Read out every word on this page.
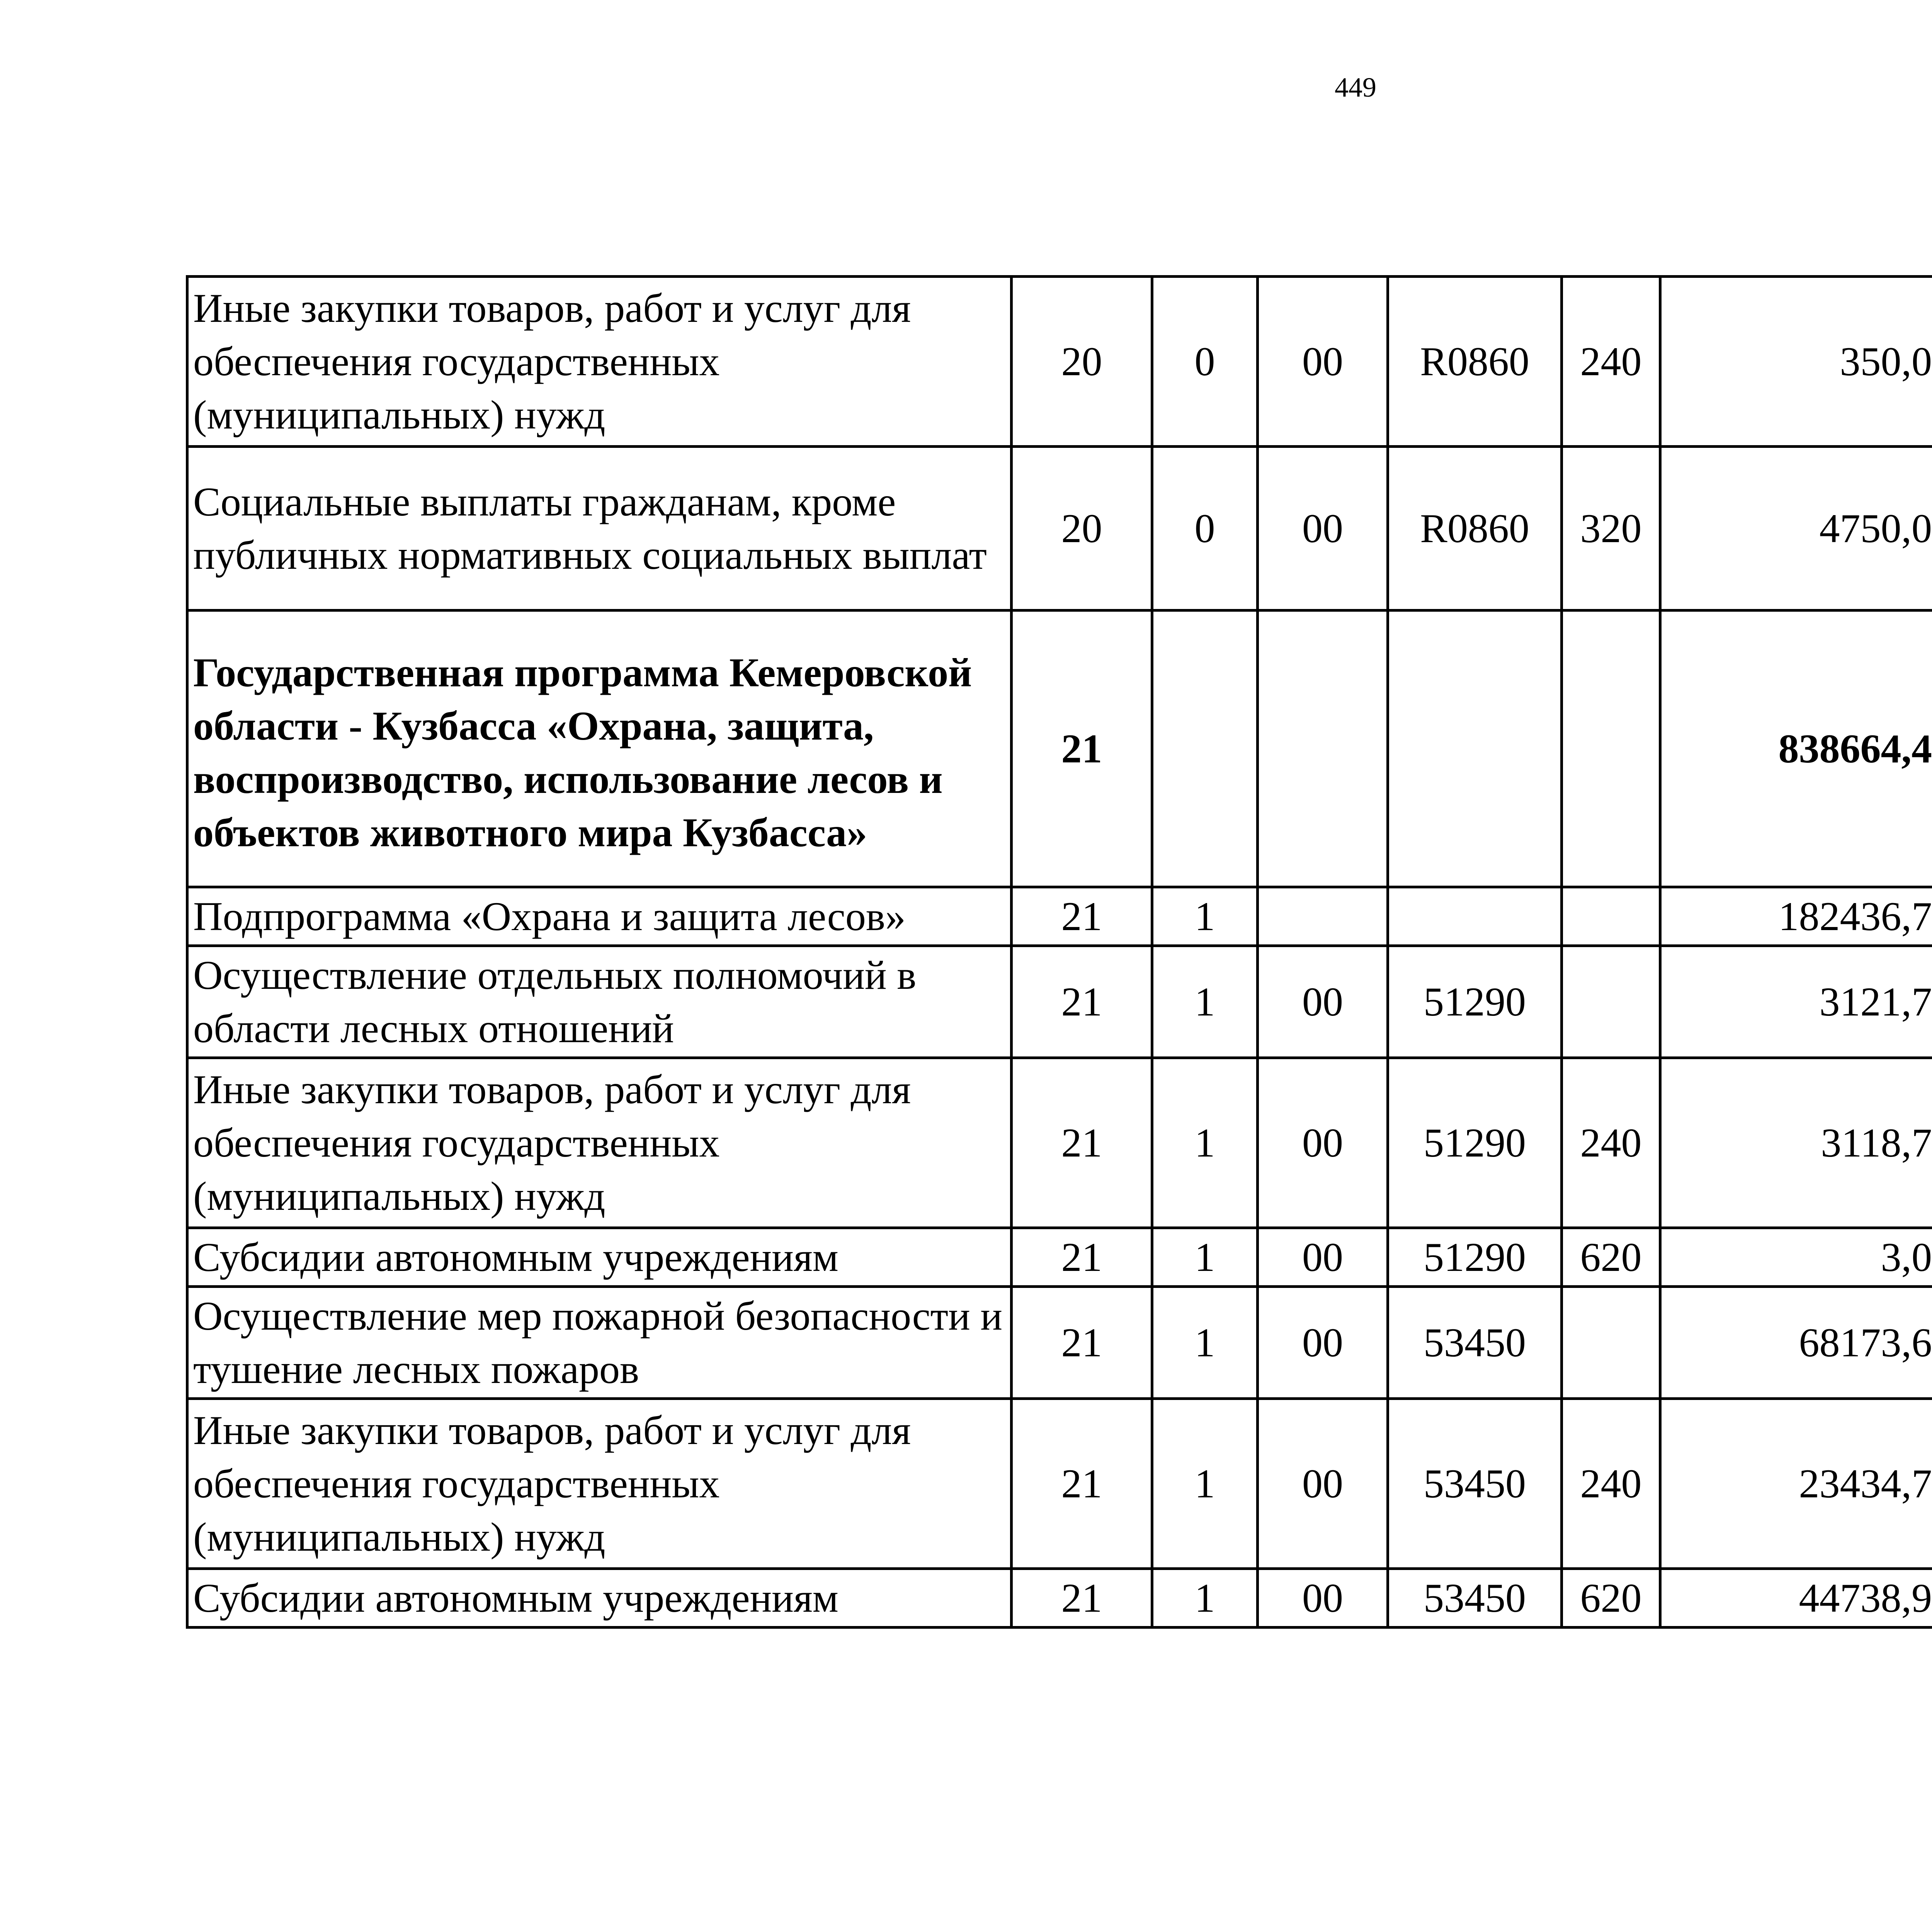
449
Иные закупки товаров, работ и услуг для обеспечения государственных (муниципальных) нужд	20	0	00	R0860	240	350,0		
Социальные выплаты гражданам, кроме публичных нормативных социальных выплат	20	0	00	R0860	320	4750,0		
Государственная программа Кемеровской области - Кузбасса «Охрана, защита, воспроизводство, использование лесов и объектов животного мира Кузбасса»	21					838664,4		
Подпрограмма «Охрана и защита лесов»	21	1				182436,7		
Осуществление отдельных полномочий в области лесных отношений	21	1	00	51290		3121,7		
Иные закупки товаров, работ и услуг для обеспечения государственных (муниципальных) нужд	21	1	00	51290	240	3118,7		
Субсидии автономным учреждениям	21	1	00	51290	620	3,0		
Осуществление мер пожарной безопасности и тушение лесных пожаров	21	1	00	53450		68173,6		
Иные закупки товаров, работ и услуг для обеспечения государственных (муниципальных) нужд	21	1	00	53450	240	23434,7		
Субсидии автономным учреждениям	21	1	00	53450	620	44738,9		
